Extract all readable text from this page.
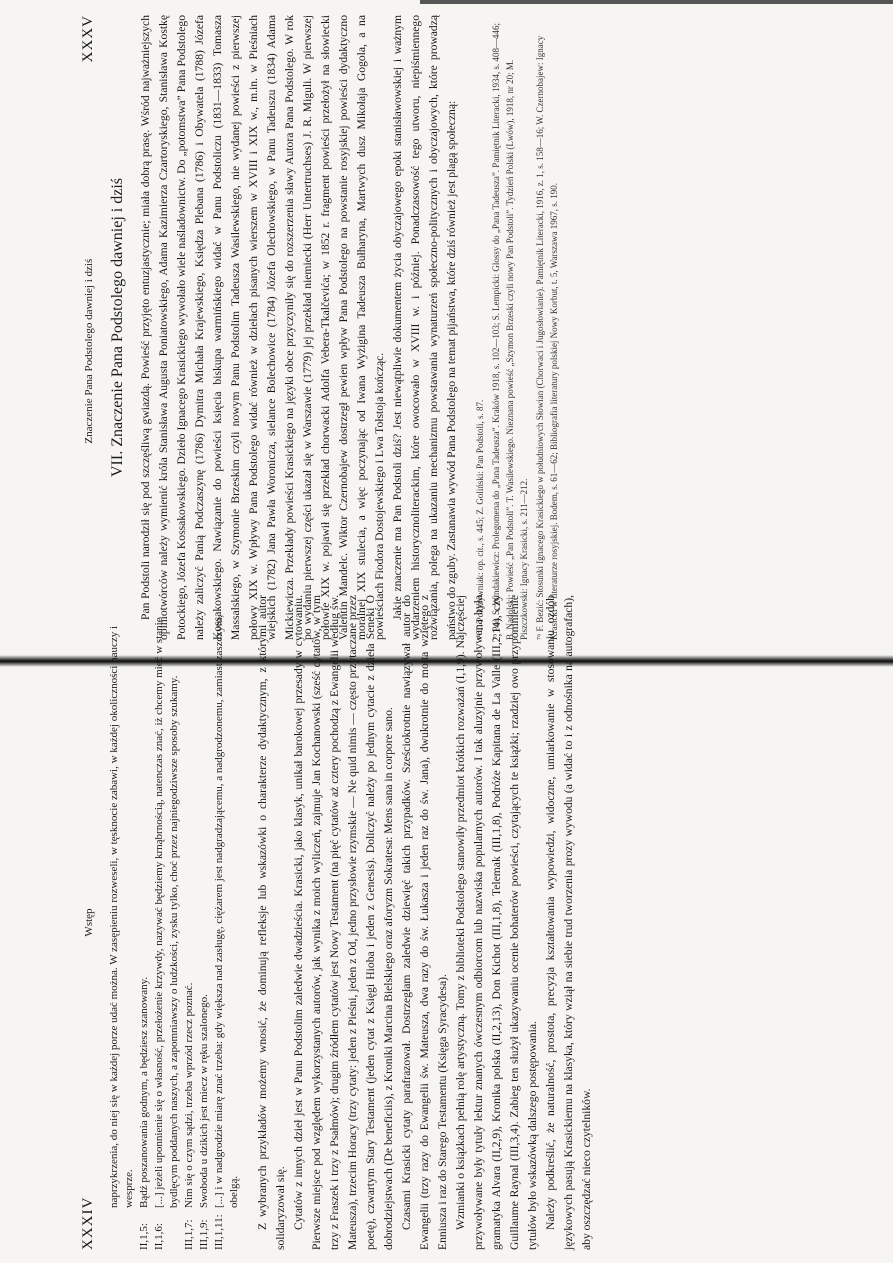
Znaczenie Pana Podstolego dawniej i dziś
XXXV
VII. Znaczenie Pana Podstolego dawniej i dziś Pan Podstoli narodził się pod szczęśliwą gwiazdą. Powieść przyjęto entuzjastycznie; miała dobrą prasę. Wśród najważniejszych opiniotwórców należy wymienić króla Stanisława Augusta Poniatowskiego, Adama Kazimierza Czartoryskiego, Stanisława Kostkę Potockiego, Józefa Kossakowskiego. Dzieło Ignacego Krasickiego wywołało wiele naśladownictw. Do „potomstwa” Pana Podstolego należy zaliczyć Panią Podczaszynę (1786) Dymitra Michała Krajewskiego, Księdza Plebana (1786) i Obywatela (1788) Józefa Kossakowskiego. Nawiązanie do powieści księcia biskupa warmińskiego widać w Panu Podstoliczu (1831—1833) Tomasza Massalskiego, w Szymonie Brzeskim czyli nowym Panu Podstolim Tadeusza Wasilewskiego, nie wydanej powieści z pierwszej połowy XIX w. Wpływy Pana Podstolego widać również w dziełach pisanych wierszem w XVIII i XIX w., m.in. w Pieśniach wiejskich (1782) Jana Pawła Woronicza, sielance Bolechowice (1784) Józefa Olechowskiego, w Panu Tadeuszu (1834) Adama Mickiewicza. Przekłady powieści Krasickiego na języki obce przyczyniły się do rozszerzenia sławy Autora Pana Podstolego. W rok po wydaniu pierwszej części ukazał się w Warszawie (1779) jej przekład niemiecki (Herr Untertruchses) J. R. Miguli. W pierwszej połowie XIX w. pojawił się przekład chorwacki Adolfa Vebera-Tkalčevića; w 1852 r. fragment powieści przełożył na słowiecki Valentin Mandelc. Wiktor Czernobajew dostrzegł pewien wpływ Pana Podstolego na powstanie rosyjskiej powieści dydaktyczno moralnej XIX stulecia, a więc poczynając od Iwana Wyżigina Tadeusza Bułharyna, Martwych dusz Mikołaja Gogola, a na powieściach Fiodora Dostojewskiego i Lwa Tołstoja kończąc. Jakie znaczenie ma Pan Podstoli dziś? Jest niewątpliwie dokumentem życia obyczajowego epoki stanisławowskiej i ważnym wydarzeniem historycznoliterackim, które owocowało w XVIII w. i później. Ponadczasowość tego utworu, niepiśmiennego rozwiązania, polega na ukazaniu mechanizmu powstawania wynaturzeń społeczno-politycznych i obyczajowych, które prowadzą państwo do zguby. Zastanawia wywód Pana Podstolego na temat pijaństwa, które dziś również jest plagą społeczną:	⁷⁴ T. Pokrzywniak: op. cit., s. 445; Z. Goliński: Pan Podstoli, s. 87. ⁷⁵ Por. S. Windakiewicz: Prolegomena do „Pana Tadeusza”. Kraków 1918, s. 102—103; S. Lempicki: Glossy do „Pana Tadeusza”. Pamiętnik Literacki, 1934, s. 408—446; B. Nadolski: Powieść „Pan Podstoli”. T. Wasilewskiego. Nieznana powieść „Szymon Brzeski czyli nowy Pan Podstoli”. Tydzień Polski (Lwów), 1918, nr 20; M. Piszczkowski: Ignacy Krasicki, s. 211—212. ⁷⁶ F. Bezić: Stosunki Ignacego Krasickiego w południowych Słowian (Chorwaci i Jugosłowianie). Pamiętnik Literacki, 1916, z. 1, s. 158—16; W. Czernobajew: Ignacy Krasicki w literaturze rosyjskiej. Bodem, s. 61—62; Bibliografia literatury polskiej Nowy Korbut, t. 5, Warszawa 1967, s. 190.

XXXIV
Wstęp naprzykrzenia, do niej się w każdej porze udać można. W zasępieniu rozweseli, w tęsknocie zabawi, w każdej okoliczności nauczy i wesprze.
II,1,5:
Bądź poszanowania godnym, a będziesz szanowany.
II,1,6:
[...] jeżeli uponnienie się o własność, przełożenie krzywdy, nazywać będziemy krnąbrnością, natenczas znać, iż chcemy mieć w stanie bydlęcym poddanych naszych, a zapomniawszy o ludzkości, zysku tylko, choć przez najniegodziwsze sposoby szukamy.
III,1,7:
Nim się o czym sądzi, trzeba wprzód rzecz poznać.
III,1,9:
Swoboda u dzikich jest miecz w ręku szalonego.
III,1,11:
[...] i w nadgrodzie miarę znać trzeba: gdy większa nad zasługę, ciężarem jest nadgradzającemu, a nadgrodzonemu, zamiast zaszczytu, obelgą. Z wybranych przykładów możemy wnosić, że dominują refleksje lub wskazówki o charakterze dydaktycznym, z którymi autor solidaryzował się. Cytatów z innych dzieł jest w Panu Podstolim zaledwie dwadzieścia. Krasicki, jako klasyk, unikał barokowej przesady w cytowaniu. Pierwsze miejsce pod względem wykorzystanych autorów, jak wynika z moich wyliczeń, zajmuje Jan Kochanowski (sześć cytatów, w tym trzy z Fraszek i trzy z Psałmów); drugim źródłem cytatów jest Nowy Testament (na pięć cytatów aż cztery pochodzą z Ewangelii według św. Mateusza), trzecim Horacy (trzy cytaty: jeden z Pieśni, jeden z Od, jedno przysłowie rzymskie — Ne quid nimis — często przytaczane przez poetę), czwartym Stary Testament (jeden cytat z Księgi Hioba i jeden z Genesis). Doliczyć należy po jednym cytacie z dzieła Seneki O dobrodziejstwach (De beneficiis), z Kroniki Marcina Bielskiego oraz aforyzm Sokratesa: Mens sana in corpore sano. Czasami Krasicki cytaty parafrazował. Dostrzegłam zaledwie dziewięć takich przypadków. Sześciokrotnie nawiązywał autor do Ewangelii (trzy razy do Ewangelii św. Mateusza, dwa razy do św. Łukasza i jeden raz do św. Jana), dwukrotnie do motta wziętego z Enniusza i raz do Starego Testamentu (Księga Syracydesa). Wzmianki o książkach pełnią rolę artystyczną. Tomy z biblioteki Podstolego stanowiły przedmiot krótkich rozważań (I,1,9). Najczęściej przywoływane były tytuły lektur znanych ówczesnym odbiorcom lub nazwiska popularnych autorów. I tak aluzyjnie przywoływana była gramatyka Alvara (II,2,9), Kronika polska (II,2,13), Don Kichot (III,1,8), Telemak (III,1,8), Podróże Kapitana de La Valle (III,2,14), czy Guillaume Raynal (III,3,4). Zabieg ten służył ukazywaniu ocenie bohaterów powieści, czytających te książki; rzadziej owo przypomnienie tytułów było wskazówką dalszego postępowania. Należy podkreślić, że naturalność, prostota, precyzja kształtowania wypowiedzi, widoczne, umiarkowanie w stosowaniu ozdób językowych pasują Krasickiemu na klasyka, który wziął na siebie trud tworzenia prozy wywodu (a widać to i z odnośnika na autografach), aby oszczędzać nieco czytelników.
